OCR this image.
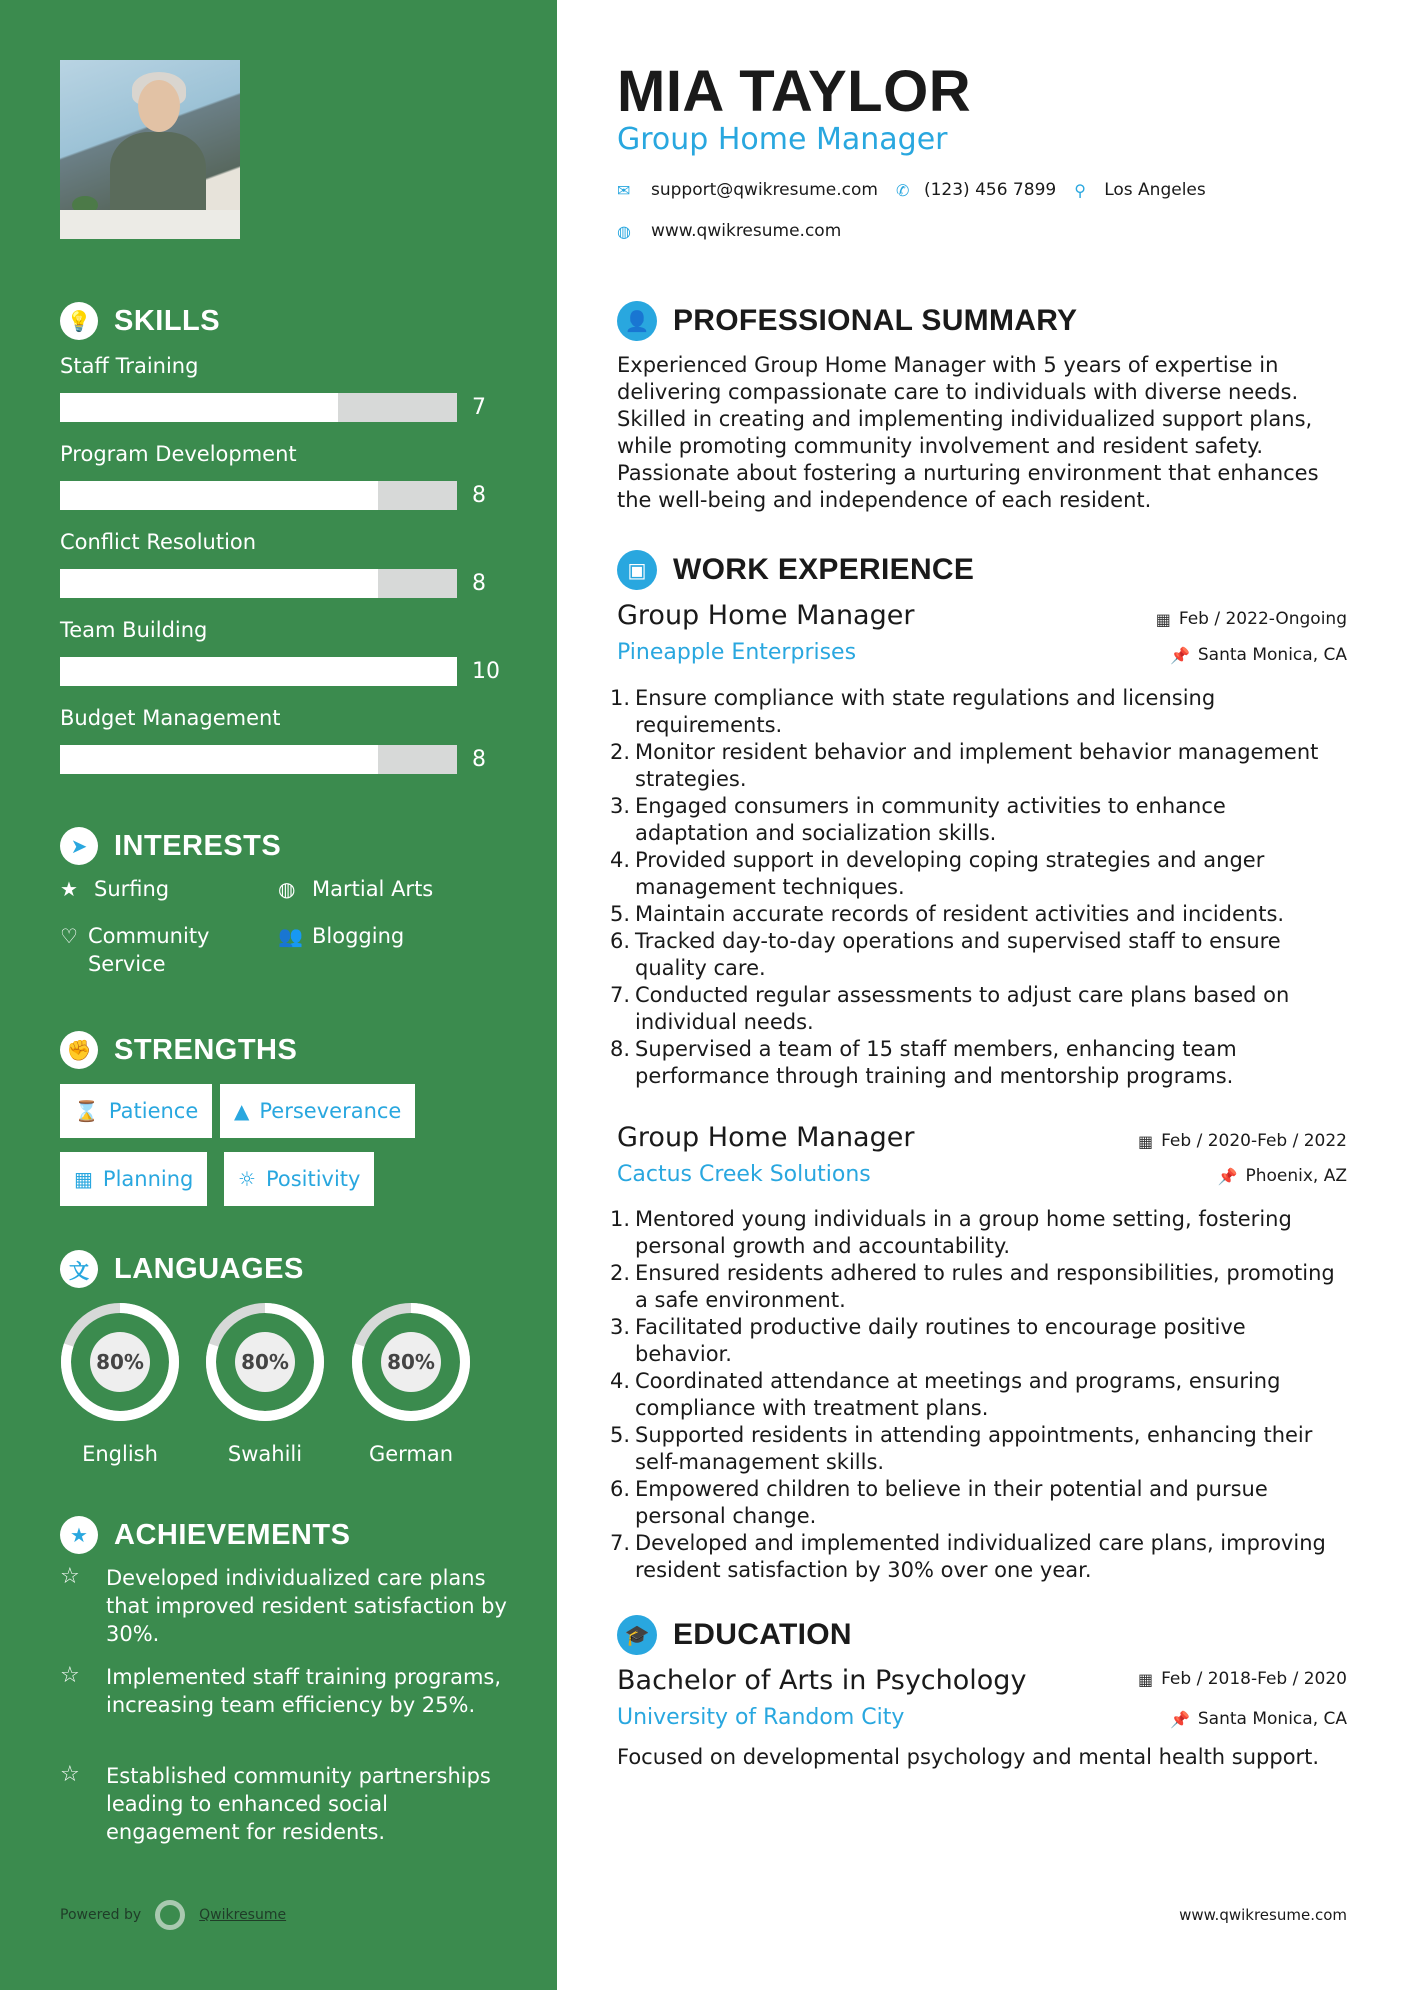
💡 SKILLS
Staff Training
7
Program Development
8
Conflict Resolution
8
Team Building
10
Budget Management
8
➤ INTERESTS
★ Surfing	◍ Martial Arts
♡ Community Service
👥 Blogging
✊ STRENGTHS
⌛ Patience ▲ Perseverance
▦ Planning ☼ Positivity
文 LANGUAGES
80%
English
80%
Swahili
80%
German
★ ACHIEVEMENTS
☆	Developed individualized care plans that improved resident satisfaction by 30%.
☆	Implemented staff training programs, increasing team efficiency by 25%.
☆	Established community partnerships leading to enhanced social engagement for residents.
Powered by	Qwikresume
MIA TAYLOR
Group Home Manager
✉	support@qwikresume.com ✆ (123) 456 7899 ⚲	Los Angeles
◍	www.qwikresume.com
👤 PROFESSIONAL SUMMARY
Experienced Group Home Manager with 5 years of expertise in delivering compassionate care to individuals with diverse needs. Skilled in creating and implementing individualized support plans, while promoting community involvement and resident safety. Passionate about fostering a nurturing environment that enhances the well-being and independence of each resident.
▣ WORK EXPERIENCE
Group Home Manager	▦ Feb / 2022-Ongoing
Pineapple Enterprises	📌 Santa Monica, CA
1. Ensure compliance with state regulations and licensing requirements.
2. Monitor resident behavior and implement behavior management strategies.
3. Engaged consumers in community activities to enhance adaptation and socialization skills.
4. Provided support in developing coping strategies and anger management techniques.
5. Maintain accurate records of resident activities and incidents.
6. Tracked day-to-day operations and supervised staff to ensure quality care.
7. Conducted regular assessments to adjust care plans based on individual needs.
8. Supervised a team of 15 staff members, enhancing team performance through training and mentorship programs.
Group Home Manager	▦ Feb / 2020-Feb / 2022
Cactus Creek Solutions	📌 Phoenix, AZ
1. Mentored young individuals in a group home setting, fostering personal growth and accountability.
2. Ensured residents adhered to rules and responsibilities, promoting a safe environment.
3. Facilitated productive daily routines to encourage positive behavior.
4. Coordinated attendance at meetings and programs, ensuring compliance with treatment plans.
5. Supported residents in attending appointments, enhancing their self-management skills.
6. Empowered children to believe in their potential and pursue personal change.
7. Developed and implemented individualized care plans, improving resident satisfaction by 30% over one year.
🎓 EDUCATION
Bachelor of Arts in Psychology	▦ Feb / 2018-Feb / 2020
University of Random City	📌 Santa Monica, CA
Focused on developmental psychology and mental health support.
www.qwikresume.com
